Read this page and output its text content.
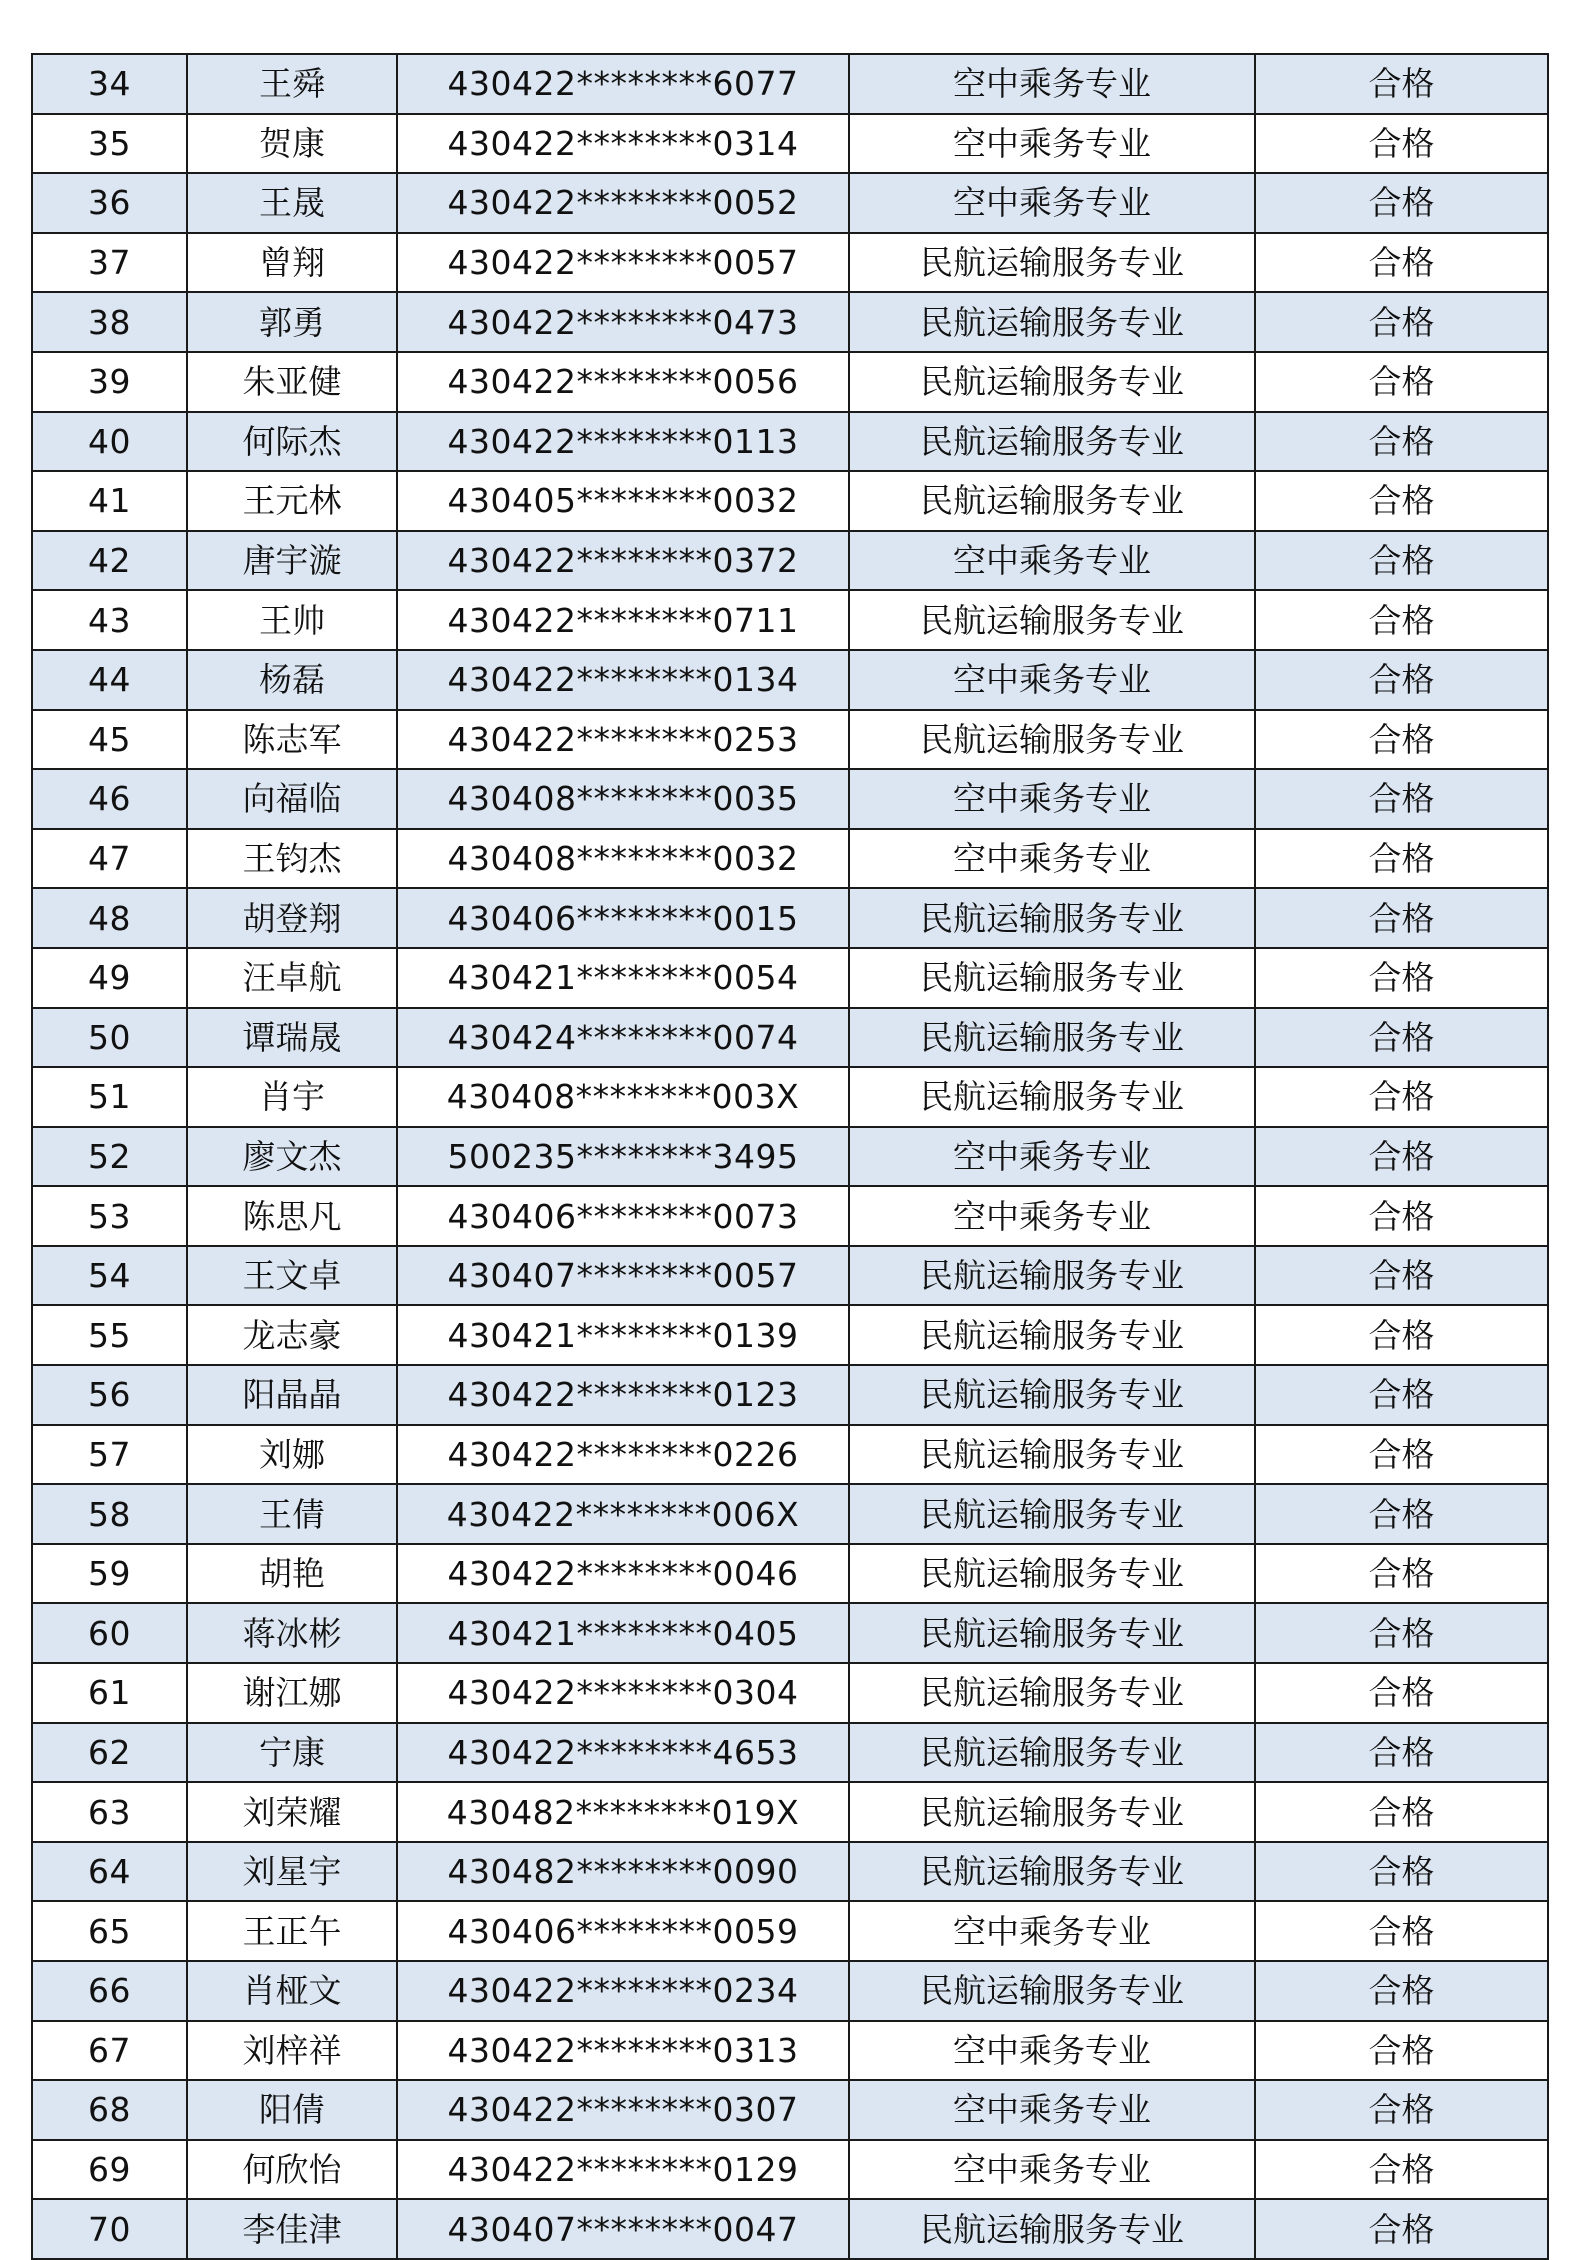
34	王舜	430422********6077	空中乘务专业	合格
35	贺康	430422********0314	空中乘务专业	合格
36	王晟	430422********0052	空中乘务专业	合格
37	曾翔	430422********0057	民航运输服务专业	合格
38	郭勇	430422********0473	民航运输服务专业	合格
39	朱亚健	430422********0056	民航运输服务专业	合格
40	何际杰	430422********0113	民航运输服务专业	合格
41	王元林	430405********0032	民航运输服务专业	合格
42	唐宇漩	430422********0372	空中乘务专业	合格
43	王帅	430422********0711	民航运输服务专业	合格
44	杨磊	430422********0134	空中乘务专业	合格
45	陈志军	430422********0253	民航运输服务专业	合格
46	向福临	430408********0035	空中乘务专业	合格
47	王钧杰	430408********0032	空中乘务专业	合格
48	胡登翔	430406********0015	民航运输服务专业	合格
49	汪卓航	430421********0054	民航运输服务专业	合格
50	谭瑞晟	430424********0074	民航运输服务专业	合格
51	肖宇	430408********003X	民航运输服务专业	合格
52	廖文杰	500235********3495	空中乘务专业	合格
53	陈思凡	430406********0073	空中乘务专业	合格
54	王文卓	430407********0057	民航运输服务专业	合格
55	龙志豪	430421********0139	民航运输服务专业	合格
56	阳晶晶	430422********0123	民航运输服务专业	合格
57	刘娜	430422********0226	民航运输服务专业	合格
58	王倩	430422********006X	民航运输服务专业	合格
59	胡艳	430422********0046	民航运输服务专业	合格
60	蒋冰彬	430421********0405	民航运输服务专业	合格
61	谢江娜	430422********0304	民航运输服务专业	合格
62	宁康	430422********4653	民航运输服务专业	合格
63	刘荣耀	430482********019X	民航运输服务专业	合格
64	刘星宇	430482********0090	民航运输服务专业	合格
65	王正午	430406********0059	空中乘务专业	合格
66	肖桠文	430422********0234	民航运输服务专业	合格
67	刘梓祥	430422********0313	空中乘务专业	合格
68	阳倩	430422********0307	空中乘务专业	合格
69	何欣怡	430422********0129	空中乘务专业	合格
70	李佳津	430407********0047	民航运输服务专业	合格
